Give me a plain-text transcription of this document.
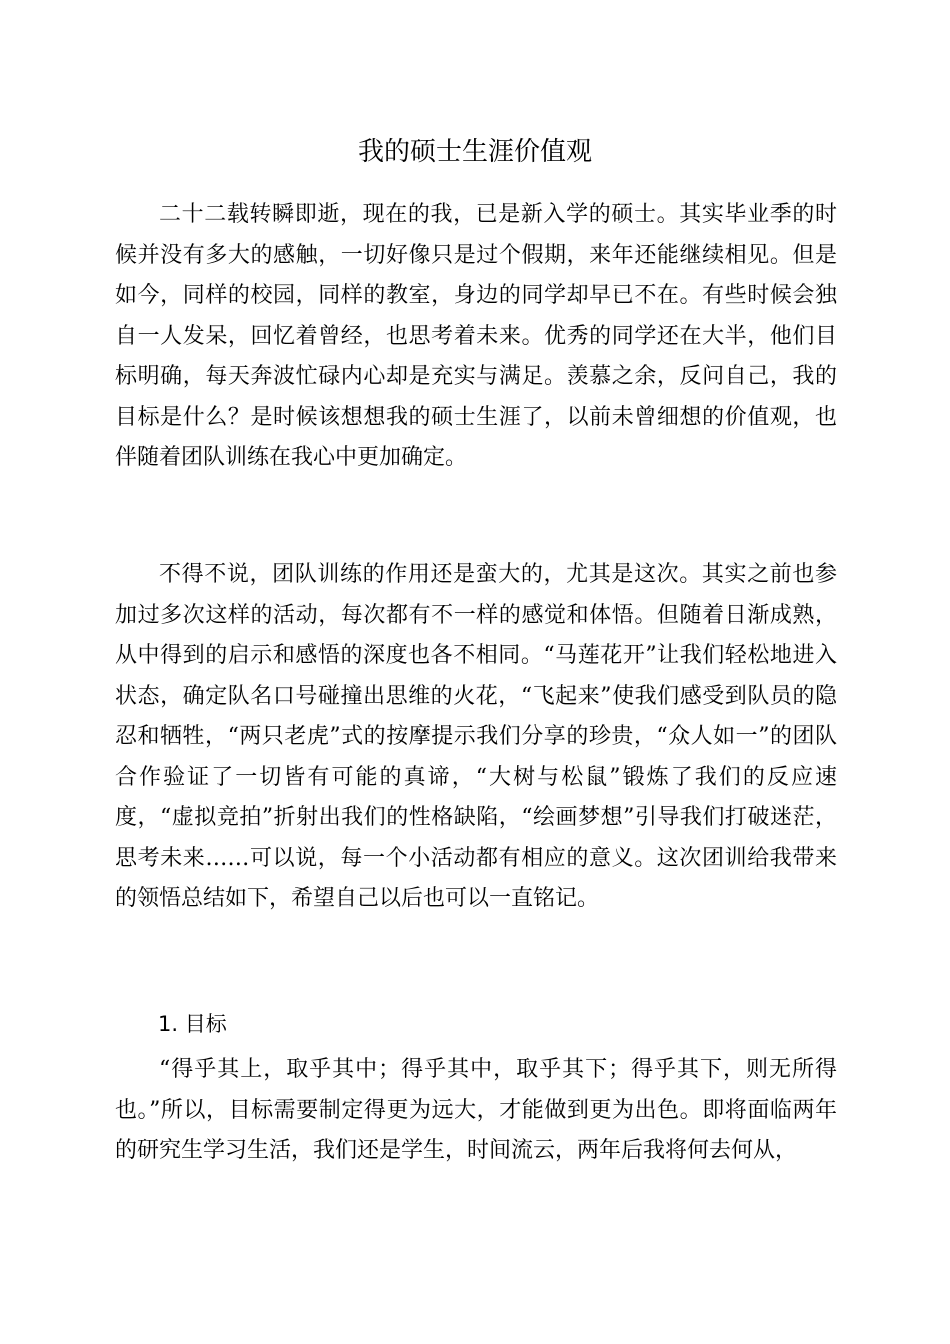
我的硕士生涯价值观

二十二载转瞬即逝，现在的我，已是新入学的硕士。其实毕业季的时候并没有多大的感触，一切好像只是过个假期，来年还能继续相见。但是如今，同样的校园，同样的教室，身边的同学却早已不在。有些时候会独自一人发呆，回忆着曾经，也思考着未来。优秀的同学还在大半，他们目标明确，每天奔波忙碌内心却是充实与满足。羡慕之余，反问自己，我的目标是什么？是时候该想想我的硕士生涯了，以前未曾细想的价值观，也伴随着团队训练在我心中更加确定。

不得不说，团队训练的作用还是蛮大的，尤其是这次。其实之前也参加过多次这样的活动，每次都有不一样的感觉和体悟。但随着日渐成熟，从中得到的启示和感悟的深度也各不相同。“马莲花开”让我们轻松地进入状态，确定队名口号碰撞出思维的火花，“飞起来”使我们感受到队员的隐忍和牺牲，“两只老虎”式的按摩提示我们分享的珍贵，“众人如一”的团队合作验证了一切皆有可能的真谛，“大树与松鼠”锻炼了我们的反应速度，“虚拟竞拍”折射出我们的性格缺陷，“绘画梦想”引导我们打破迷茫，思考未来……可以说，每一个小活动都有相应的意义。这次团训给我带来的领悟总结如下，希望自己以后也可以一直铭记。

1. 目标

“得乎其上，取乎其中；得乎其中，取乎其下；得乎其下，则无所得也。”所以，目标需要制定得更为远大，才能做到更为出色。即将面临两年的研究生学习生活，我们还是学生，时间流云，两年后我将何去何从，
